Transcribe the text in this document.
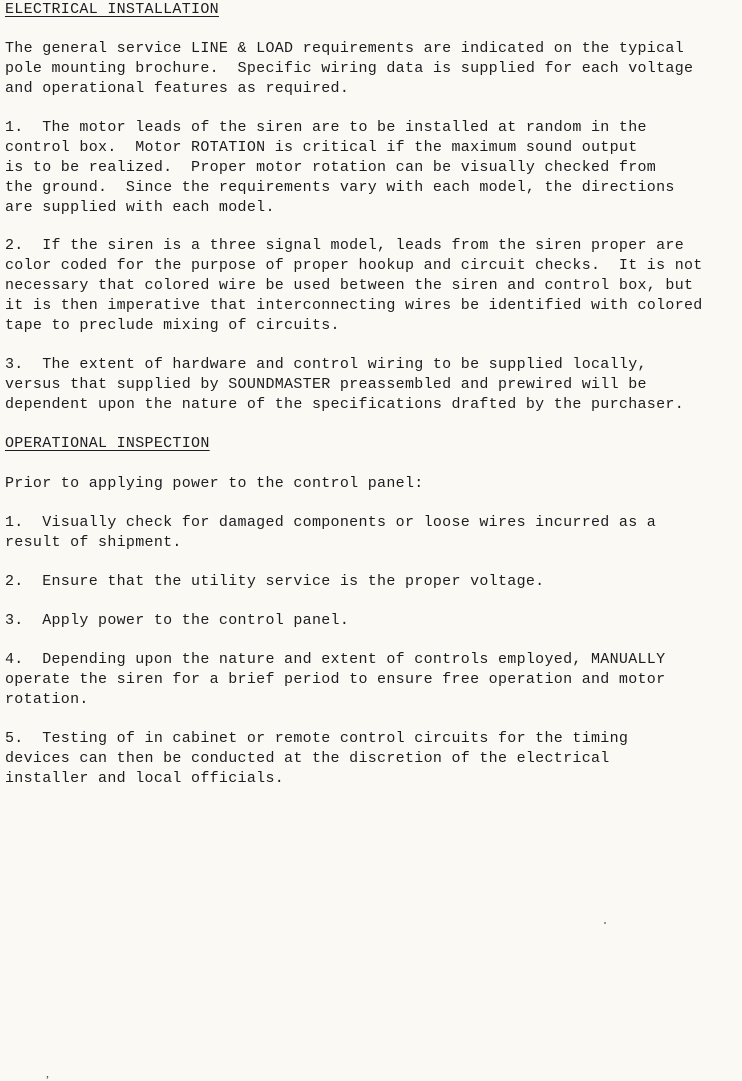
ELECTRICAL INSTALLATION
The general service LINE & LOAD requirements are indicated on the typical
pole mounting brochure.  Specific wiring data is supplied for each voltage
and operational features as required.
1.  The motor leads of the siren are to be installed at random in the
control box.  Motor ROTATION is critical if the maximum sound output
is to be realized.  Proper motor rotation can be visually checked from
the ground.  Since the requirements vary with each model, the directions
are supplied with each model.
2.  If the siren is a three signal model, leads from the siren proper are
color coded for the purpose of proper hookup and circuit checks.  It is not
necessary that colored wire be used between the siren and control box, but
it is then imperative that interconnecting wires be identified with colored
tape to preclude mixing of circuits.
3.  The extent of hardware and control wiring to be supplied locally,
versus that supplied by SOUNDMASTER preassembled and prewired will be
dependent upon the nature of the specifications drafted by the purchaser.
OPERATIONAL INSPECTION
Prior to applying power to the control panel:
1.  Visually check for damaged components or loose wires incurred as a
result of shipment.
2.  Ensure that the utility service is the proper voltage.
3.  Apply power to the control panel.
4.  Depending upon the nature and extent of controls employed, MANUALLY
operate the siren for a brief period to ensure free operation and motor
rotation.
5.  Testing of in cabinet or remote control circuits for the timing
devices can then be conducted at the discretion of the electrical
installer and local officials.
,
